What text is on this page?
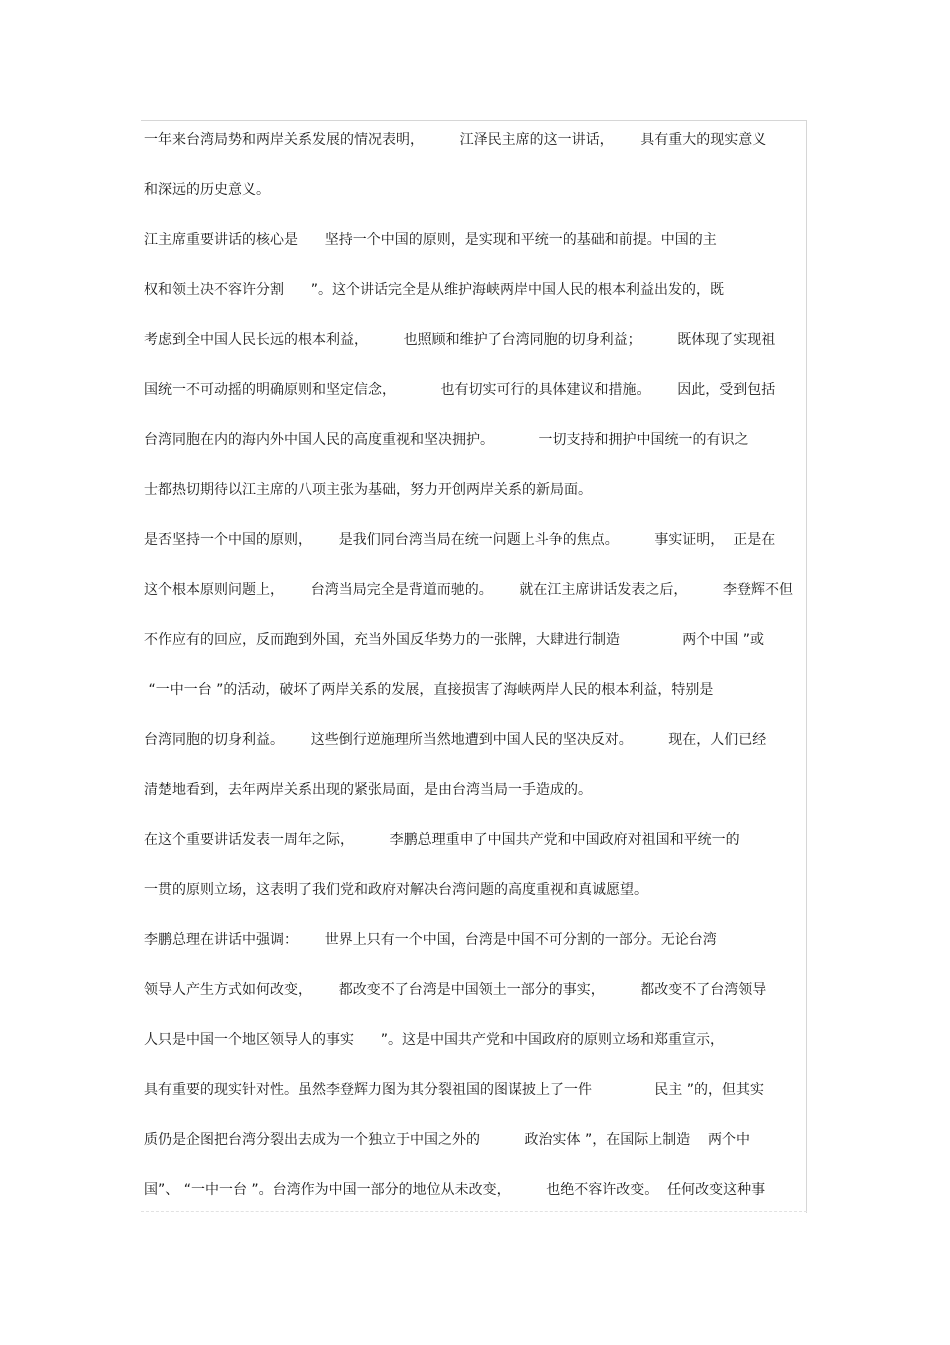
一年来台湾局势和两岸关系发展的情况表明，        江泽民主席的这一讲话，      具有重大的现实意义
和深远的历史意义。
江主席重要讲话的核心是      坚持一个中国的原则，是实现和平统一的基础和前提。中国的主
权和领土决不容许分割      ”。这个讲话完全是从维护海峡两岸中国人民的根本利益出发的，既
考虑到全中国人民长远的根本利益，        也照顾和维护了台湾同胞的切身利益；        既体现了实现祖
国统一不可动摇的明确原则和坚定信念，          也有切实可行的具体建议和措施。      因此，受到包括
台湾同胞在内的海内外中国人民的高度重视和坚决拥护。          一切支持和拥护中国统一的有识之
士都热切期待以江主席的八项主张为基础，努力开创两岸关系的新局面。
是否坚持一个中国的原则，      是我们同台湾当局在统一问题上斗争的焦点。        事实证明，  正是在
这个根本原则问题上，      台湾当局完全是背道而驰的。      就在江主席讲话发表之后，        李登辉不但
不作应有的回应，反而跑到外国，充当外国反华势力的一张牌，大肆进行制造              两个中国 ”或
“一中一台 ”的活动，破坏了两岸关系的发展，直接损害了海峡两岸人民的根本利益，特别是
台湾同胞的切身利益。      这些倒行逆施理所当然地遭到中国人民的坚决反对。        现在，人们已经
清楚地看到，去年两岸关系出现的紧张局面，是由台湾当局一手造成的。
在这个重要讲话发表一周年之际，        李鹏总理重申了中国共产党和中国政府对祖国和平统一的
一贯的原则立场，这表明了我们党和政府对解决台湾问题的高度重视和真诚愿望。
李鹏总理在讲话中强调：      世界上只有一个中国，台湾是中国不可分割的一部分。无论台湾
领导人产生方式如何改变，      都改变不了台湾是中国领土一部分的事实，        都改变不了台湾领导
人只是中国一个地区领导人的事实      ”。这是中国共产党和中国政府的原则立场和郑重宣示，
具有重要的现实针对性。虽然李登辉力图为其分裂祖国的图谋披上了一件              民主 ”的，但其实
质仍是企图把台湾分裂出去成为一个独立于中国之外的          政治实体 ”，在国际上制造    两个中
国”、 “一中一台 ”。台湾作为中国一部分的地位从未改变，        也绝不容许改变。  任何改变这种事
